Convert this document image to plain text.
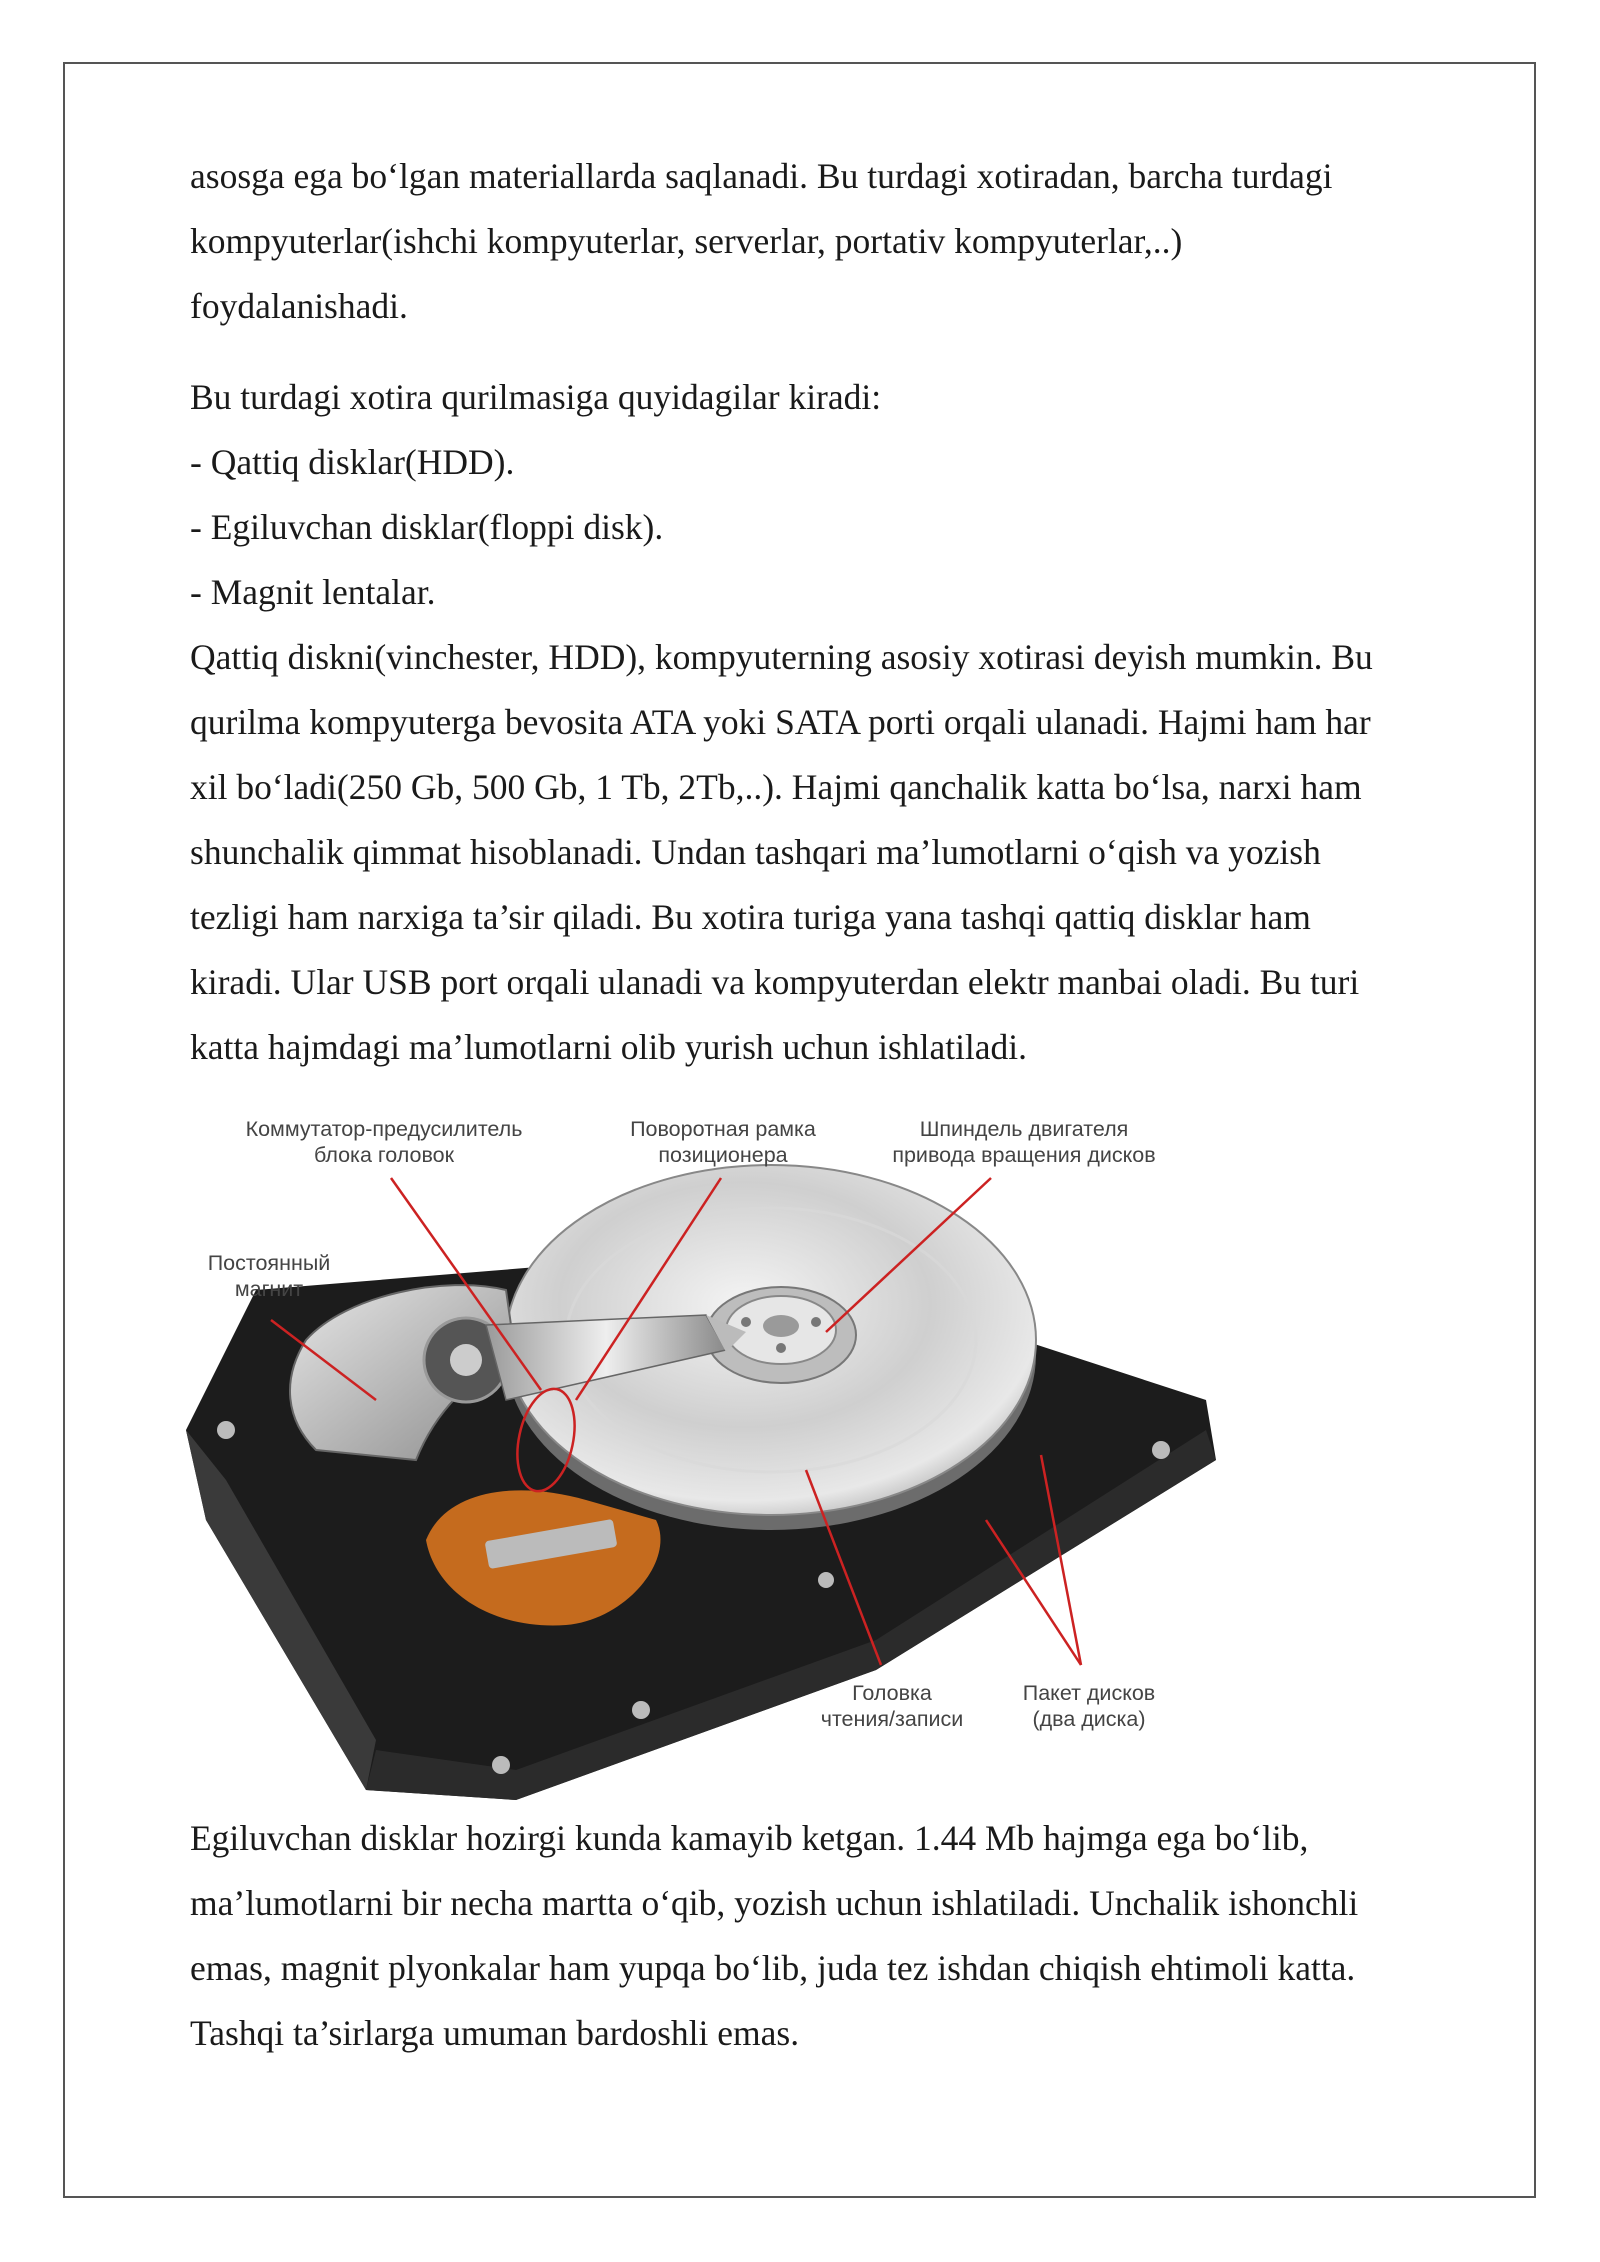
asosga ega bo‘lgan materiallarda saqlanadi. Bu turdagi xotiradan, barcha turdagi
kompyuterlar(ishchi kompyuterlar, serverlar, portativ kompyuterlar,..)
foydalanishadi.
Bu turdagi xotira qurilmasiga quyidagilar kiradi:
- Qattiq disklar(HDD).
- Egiluvchan disklar(floppi disk).
- Magnit lentalar.
Qattiq diskni(vinchester, HDD), kompyuterning asosiy xotirasi deyish mumkin. Bu
qurilma kompyuterga bevosita ATA yoki SATA porti orqali ulanadi. Hajmi ham har
xil bo‘ladi(250 Gb, 500 Gb, 1 Tb, 2Tb,..). Hajmi qanchalik katta bo‘lsa, narxi ham
shunchalik qimmat hisoblanadi. Undan tashqari ma’lumotlarni o‘qish va yozish
tezligi ham narxiga ta’sir qiladi. Bu xotira turiga yana tashqi qattiq disklar ham
kiradi. Ular USB port orqali ulanadi va kompyuterdan elektr manbai oladi. Bu turi
katta hajmdagi ma’lumotlarni olib yurish uchun ishlatiladi.
Коммутатор-предусилитель
блока головок
Поворотная рамка
позиционера
Шпиндель двигателя
привода вращения дисков
Постоянный
магнит
Головка
чтения/записи
Пакет дисков
(два диска)
Egiluvchan disklar hozirgi kunda kamayib ketgan. 1.44 Mb hajmga ega bo‘lib,
ma’lumotlarni bir necha martta o‘qib, yozish uchun ishlatiladi. Unchalik ishonchli
emas, magnit plyonkalar ham yupqa bo‘lib, juda tez ishdan chiqish ehtimoli katta.
Tashqi ta’sirlarga umuman bardoshli emas.
